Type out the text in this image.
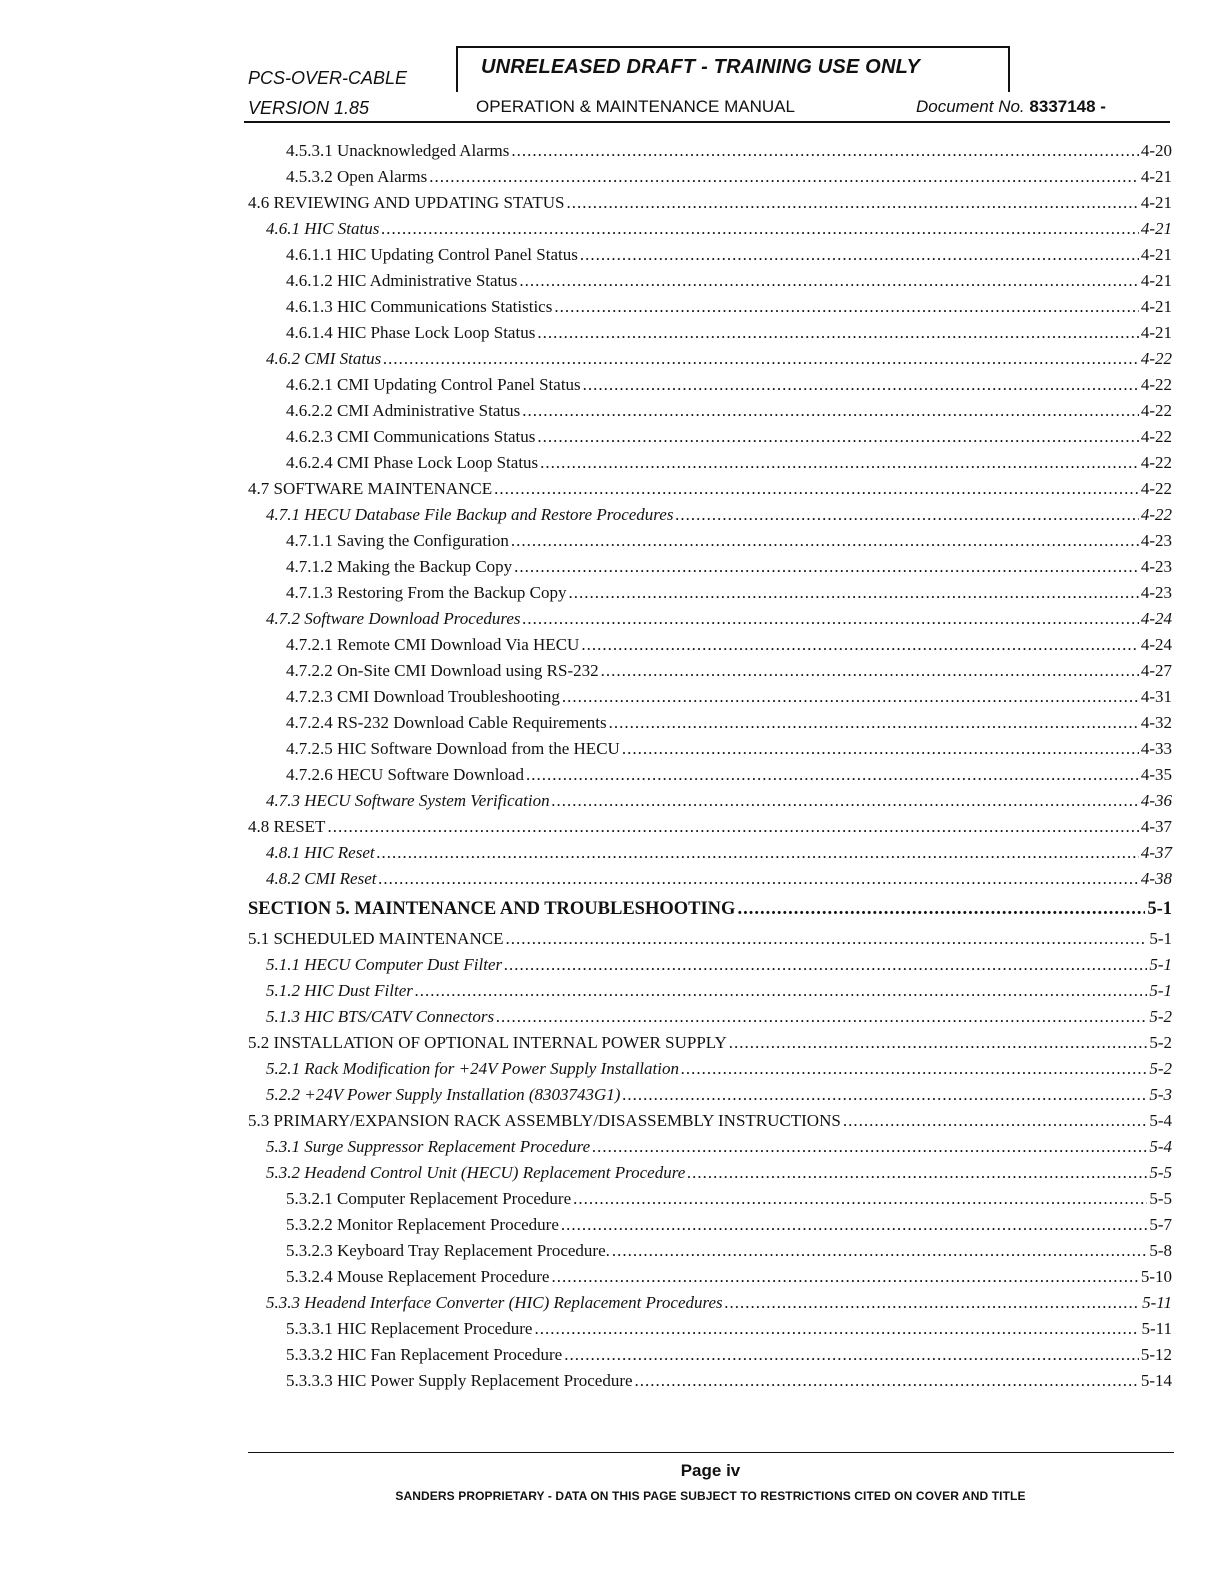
PCS-OVER-CABLE
VERSION 1.85
UNRELEASED DRAFT - TRAINING USE ONLY
OPERATION & MAINTENANCE MANUAL	Document No. 8337148 -
4.5.3.1 Unacknowledged Alarms .....	4-20
4.5.3.2 Open Alarms .....	4-21
4.6 REVIEWING AND UPDATING STATUS .....	4-21
4.6.1 HIC Status .....	4-21
4.6.1.1 HIC Updating Control Panel Status .....	4-21
4.6.1.2 HIC Administrative Status .....	4-21
4.6.1.3 HIC Communications Statistics .....	4-21
4.6.1.4 HIC Phase Lock Loop Status .....	4-21
4.6.2 CMI Status .....	4-22
4.6.2.1 CMI Updating Control Panel Status .....	4-22
4.6.2.2 CMI Administrative Status .....	4-22
4.6.2.3 CMI Communications Status .....	4-22
4.6.2.4 CMI Phase Lock Loop Status .....	4-22
4.7 SOFTWARE MAINTENANCE .....	4-22
4.7.1 HECU Database File Backup and Restore Procedures .....	4-22
4.7.1.1 Saving the Configuration .....	4-23
4.7.1.2 Making the Backup Copy .....	4-23
4.7.1.3 Restoring From the Backup Copy .....	4-23
4.7.2 Software Download Procedures .....	4-24
4.7.2.1 Remote CMI Download Via HECU .....	4-24
4.7.2.2 On-Site CMI Download using RS-232 .....	4-27
4.7.2.3 CMI Download Troubleshooting .....	4-31
4.7.2.4 RS-232 Download Cable Requirements .....	4-32
4.7.2.5 HIC Software Download from the HECU .....	4-33
4.7.2.6 HECU Software Download .....	4-35
4.7.3 HECU Software System Verification .....	4-36
4.8 RESET .....	4-37
4.8.1 HIC Reset .....	4-37
4.8.2 CMI Reset .....	4-38
SECTION 5. MAINTENANCE AND TROUBLESHOOTING .....	5-1
5.1 SCHEDULED MAINTENANCE .....	5-1
5.1.1 HECU Computer Dust Filter .....	5-1
5.1.2 HIC Dust Filter .....	5-1
5.1.3 HIC BTS/CATV Connectors .....	5-2
5.2 INSTALLATION OF OPTIONAL INTERNAL POWER SUPPLY .....	5-2
5.2.1 Rack Modification for +24V Power Supply Installation .....	5-2
5.2.2 +24V Power Supply Installation (8303743G1) .....	5-3
5.3 PRIMARY/EXPANSION RACK ASSEMBLY/DISASSEMBLY INSTRUCTIONS .....	5-4
5.3.1 Surge Suppressor Replacement Procedure .....	5-4
5.3.2 Headend Control Unit (HECU) Replacement Procedure .....	5-5
5.3.2.1 Computer Replacement Procedure .....	5-5
5.3.2.2 Monitor Replacement Procedure .....	5-7
5.3.2.3 Keyboard Tray Replacement Procedure. .....	5-8
5.3.2.4 Mouse Replacement Procedure .....	5-10
5.3.3 Headend Interface Converter (HIC) Replacement Procedures .....	5-11
5.3.3.1 HIC Replacement Procedure .....	5-11
5.3.3.2 HIC Fan Replacement Procedure .....	5-12
5.3.3.3 HIC Power Supply Replacement Procedure .....	5-14
Page iv
SANDERS PROPRIETARY - DATA ON THIS PAGE SUBJECT TO RESTRICTIONS CITED ON COVER AND TITLE
